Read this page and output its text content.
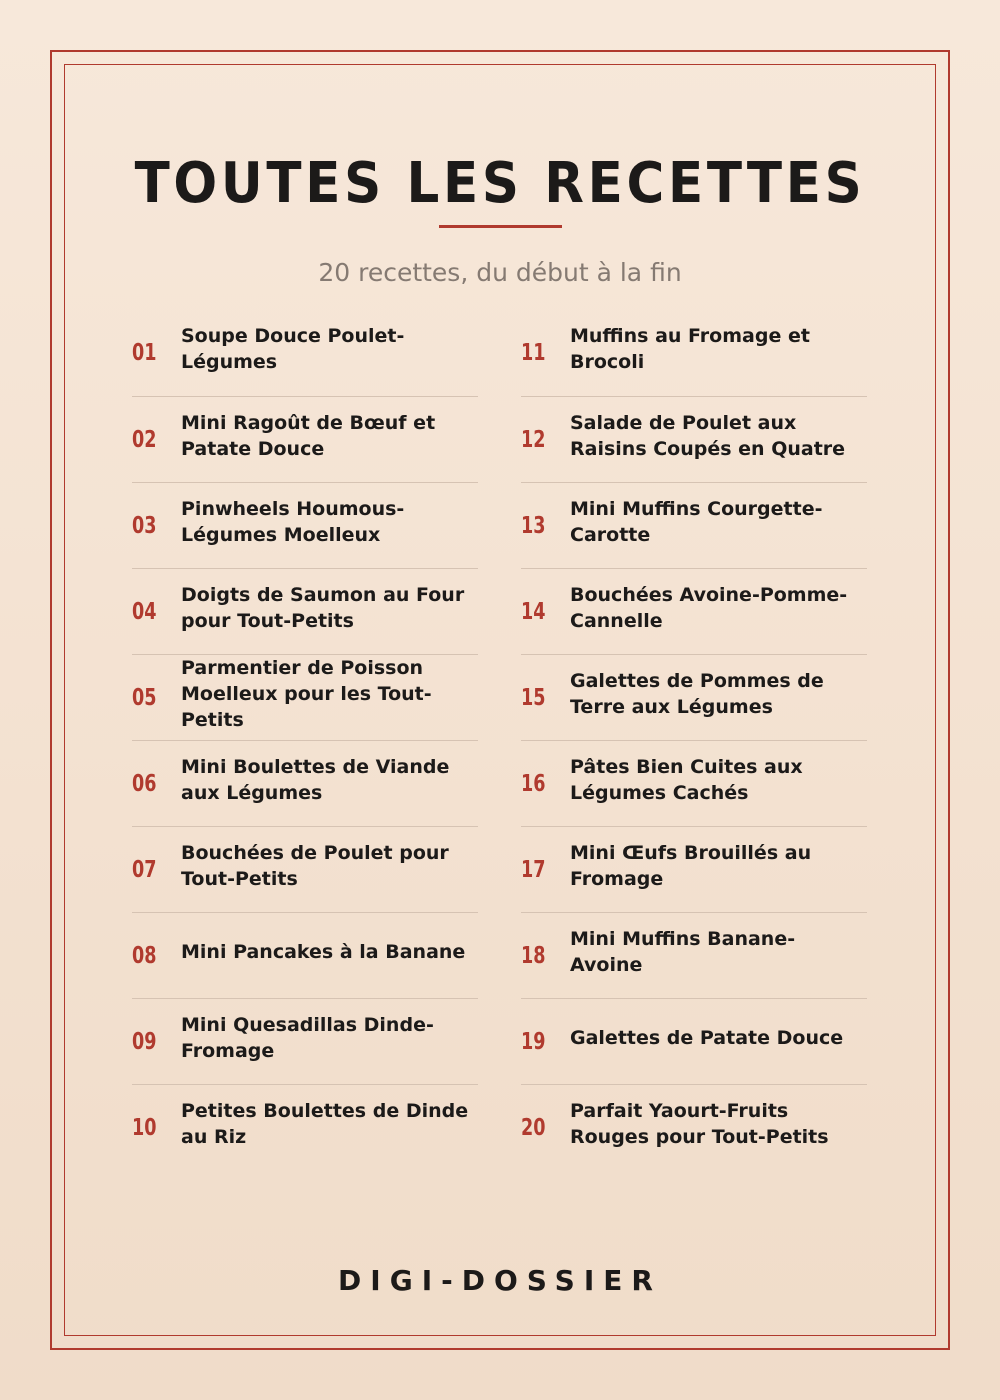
TOUTES LES RECETTES
20 recettes, du début à la fin
01
Soupe Douce Poulet-Légumes
02
Mini Ragoût de Bœuf et Patate Douce
03
Pinwheels Houmous-Légumes Moelleux
04
Doigts de Saumon au Four pour Tout-Petits
05
Parmentier de Poisson Moelleux pour les Tout-Petits
06
Mini Boulettes de Viande aux Légumes
07
Bouchées de Poulet pour Tout-Petits
08 Mini Pancakes à la Banane
09
Mini Quesadillas Dinde-Fromage
10
Petites Boulettes de Dinde au Riz
11
Muffins au Fromage et Brocoli
12
Salade de Poulet aux Raisins Coupés en Quatre
13
Mini Muffins Courgette-Carotte
14
Bouchées Avoine-Pomme-Cannelle
15
Galettes de Pommes de Terre aux Légumes
16
Pâtes Bien Cuites aux Légumes Cachés
17
Mini Œufs Brouillés au Fromage
18
Mini Muffins Banane-Avoine
19 Galettes de Patate Douce
20
Parfait Yaourt-Fruits Rouges pour Tout-Petits
DIGI-DOSSIER
